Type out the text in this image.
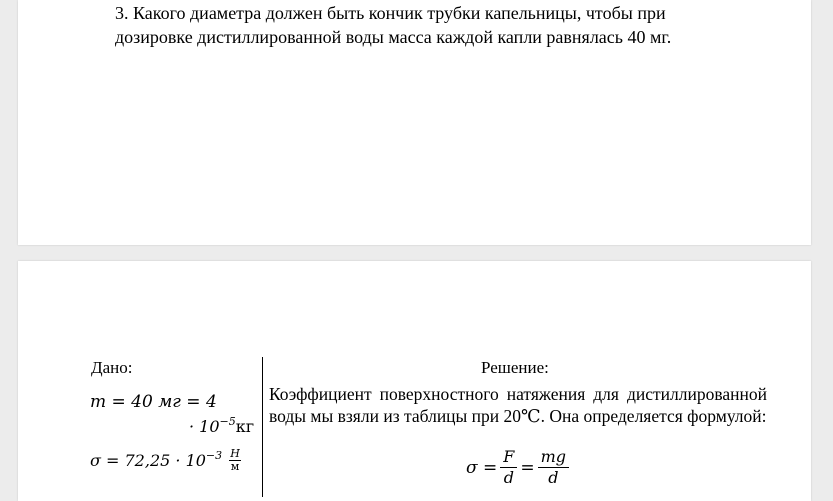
3. Какого диаметра должен быть кончик трубки капельницы, чтобы при
дозировке дистиллированной воды масса каждой капли равнялась 40 мг.

Дано:	Решение:
m = 40 мг = 4
· $10^{-5}кг$
$\sigma = 72,25 \cdot 10^{-3} \frac{Н}{м}$

Коэффициент поверхностного натяжения для дистиллированной воды мы взяли из таблицы при 20℃. Она определяется формулой:

$\sigma = \frac{F}{d} = \frac{mg}{d}$
